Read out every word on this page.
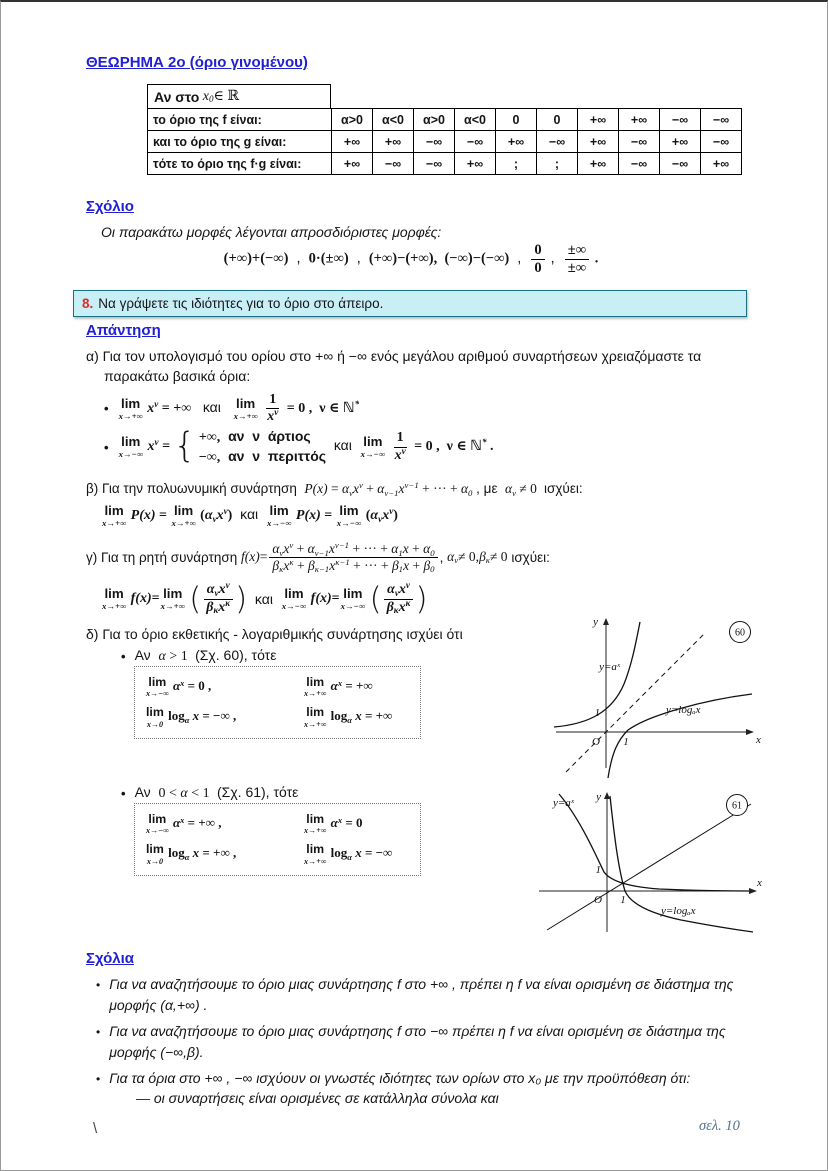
ΘΕΩΡΗΜΑ 2ο (όριο γινομένου)
Αν στο x 0 ∈ ℝ
το όριο της f είναι:	α>0	α<0	α>0	α<0	0	0	+∞	+∞	−∞	−∞
και το όριο της g είναι:	+∞	+∞	−∞	−∞	+∞	−∞	+∞	−∞	+∞	−∞
τότε το όριο της f·g είναι:	+∞	−∞	−∞	+∞	;	;	+∞	−∞	−∞	+∞
Σχόλιο
Οι παρακάτω μορφές λέγονται απροσδιόριστες μορφές:
(+∞)+(−∞)  ,  0·(±∞)  ,  (+∞)−(+∞),  (−∞)−(−∞)  , $\frac{0}{0}$ , $\frac{\pm\infty}{\pm\infty}$ .
8. Να γράψετε τις ιδιότητες για το όριο στο άπειρο.
Απάντηση
α) Για τον υπολογισμό του ορίου στο +∞ ή −∞ ενός μεγάλου αριθμού συναρτήσεων χρειαζόμαστε τα
παρακάτω βασικά όρια:
• lim
x→+∞
$x^\nu$ = +∞   και lim
x→+∞
$\frac{1}{x^\nu} = 0$ ,  ν ∈ ℕ*
• lim
x→−∞
$x^\nu$ = { +∞,  αν  ν  άρτιος
−∞,  αν  ν  περιττός
και lim
x→−∞
$\frac{1}{x^\nu} = 0$ ,  ν ∈ ℕ* .
β) Για την πολυωνυμική συνάρτηση  $P(x) = \alpha\nu x^\nu + \alpha\nu-1x^{\nu-1}$ + ··· + α0 , με  αν ≠ 0  ισχύει:
lim
x→+∞
P(x) = lim
x→+∞
(ανx$^\nu$)  και lim
x→−∞
P(x) = lim
x→−∞
(ανx$^\nu$)
γ) Για τη ρητή συνάρτηση $f(x) = \frac{\alpha\nu x^\nu + \alpha\nu-1x^{\nu-1} + \cdot\cdot\cdot + \alpha 1x + \alpha 0}{\beta\kappa x^\kappa + \beta\kappa-1x^{\kappa-1} + \cdot\cdot\cdot + \beta 1x + \beta 0}$ , α ν ≠ 0, β κ ≠ 0 ισχύει:
lim
x→+∞
f(x) = lim
x→+∞
( $\frac{\alpha\nu x^\nu}{\beta\kappa x^\kappa}$ ) και lim
x→−∞
f(x) = lim
x→−∞
( $\frac{\alpha\nu x^\nu}{\beta\kappa x^\kappa}$ )
δ) Για το όριο εκθετικής - λογαριθμικής συνάρτησης ισχύει ότι
• Αν  α > 1  (Σχ. 60), τότε
lim
x→−∞
$\alpha^x = 0$ ,	lim
x→+∞
$\alpha^x$ = +∞
lim
x→0
logα x = −∞ ,	lim
x→+∞
logα x = +∞
y
x
O 1
1
y=aˣ
y=logₐx
60
• Αν  0 < α < 1  (Σχ. 61), τότε
lim
x→−∞
$\alpha^x$ = +∞ ,	lim
x→+∞
$\alpha^x = 0$
lim
x→0
logα x = +∞ ,	lim
x→+∞
logα x = −∞
y
x
O 1
1
y=aˣ
y=logₐx
61
Σχόλια
• Για να αναζητήσουμε το όριο μιας συνάρτησης f στο +∞ , πρέπει η f να είναι ορισμένη σε διάστημα της μορφής (α,+∞) .
• Για να αναζητήσουμε το όριο μιας συνάρτησης f στο −∞ πρέπει η f να είναι ορισμένη σε διάστημα της μορφής (−∞,β).
• Για τα όρια στο +∞ , −∞ ισχύουν οι γνωστές ιδιότητες των ορίων στο x₀ με την προϋπόθεση ότι:
— οι συναρτήσεις είναι ορισμένες σε κατάλληλα σύνολα και
\	σελ. 10
